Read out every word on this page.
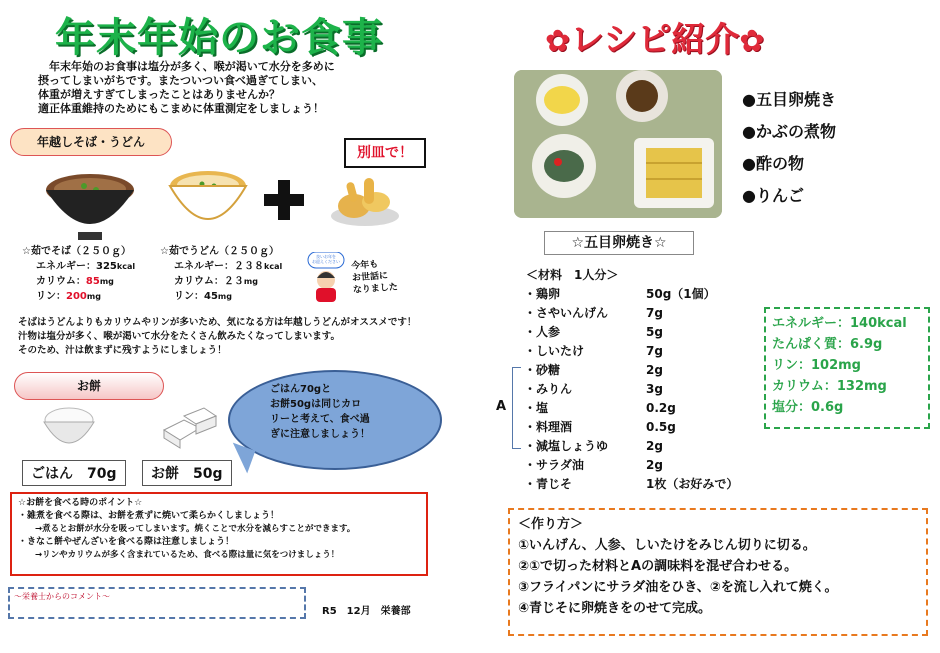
年末年始のお食事
　年末年始のお食事は塩分が多く、喉が渇いて水分を多めに
摂ってしまいがちです。またついつい食べ過ぎてしまい、
体重が増えすぎてしまったことはありませんか？
適正体重維持のためにもこまめに体重測定をしましょう！
年越しそば・うどん
別皿で！
☆茹でそば（２５０ｇ）
エネルギー：325kcal
カリウム：85mg
リン：200mg
☆茹でうどん（２５０ｇ）
エネルギー：２３８kcal
カリウム：２３mg
リン：45mg
良いお年を
お迎えください	今年も
お世話に
なりました
そばはうどんよりもカリウムやリンが多いため、気になる方は年越しうどんがオススメです！
汁物は塩分が多く、喉が渇いて水分をたくさん飲みたくなってしまいます。
そのため、汁は飲まずに残すようにしましょう！
お餅
ごはん　70g	お餅　50g
ごはん70gと
お餅50gは同じカロ
リーと考えて、食べ過
ぎに注意しましょう！
☆お餅を食べる時のポイント☆
・雑煮を食べる際は、お餅を煮ずに焼いて柔らかくしましょう！
　　→煮るとお餅が水分を吸ってしまいます。焼くことで水分を減らすことができます。
・きなこ餅やぜんざいを食べる際は注意しましょう！
　　→リンやカリウムが多く含まれているため、食べる際は量に気をつけましょう！
～栄養士からのコメント～
R5　12月　栄養部
✿レシピ紹介✿
●五目卵焼き
●かぶの煮物
●酢の物
●りんご
☆五目卵焼き☆
＜材料　1人分＞
・鶏卵	50g（1個）
・さやいんげん	7g
・人参	5g
・しいたけ	7g
・砂糖	2g
・みりん	3g
・塩	0.2g
・料理酒	0.5g
・減塩しょうゆ	2g
・サラダ油	2g
・青じそ	1枚（お好みで）
A
エネルギー：140kcal
たんぱく質：6.9g
リン：102mg
カリウム：132mg
塩分：0.6g
＜作り方＞
①いんげん、人参、しいたけをみじん切りに切る。
②①で切った材料とAの調味料を混ぜ合わせる。
③フライパンにサラダ油をひき、②を流し入れて焼く。
④青じそに卵焼きをのせて完成。
